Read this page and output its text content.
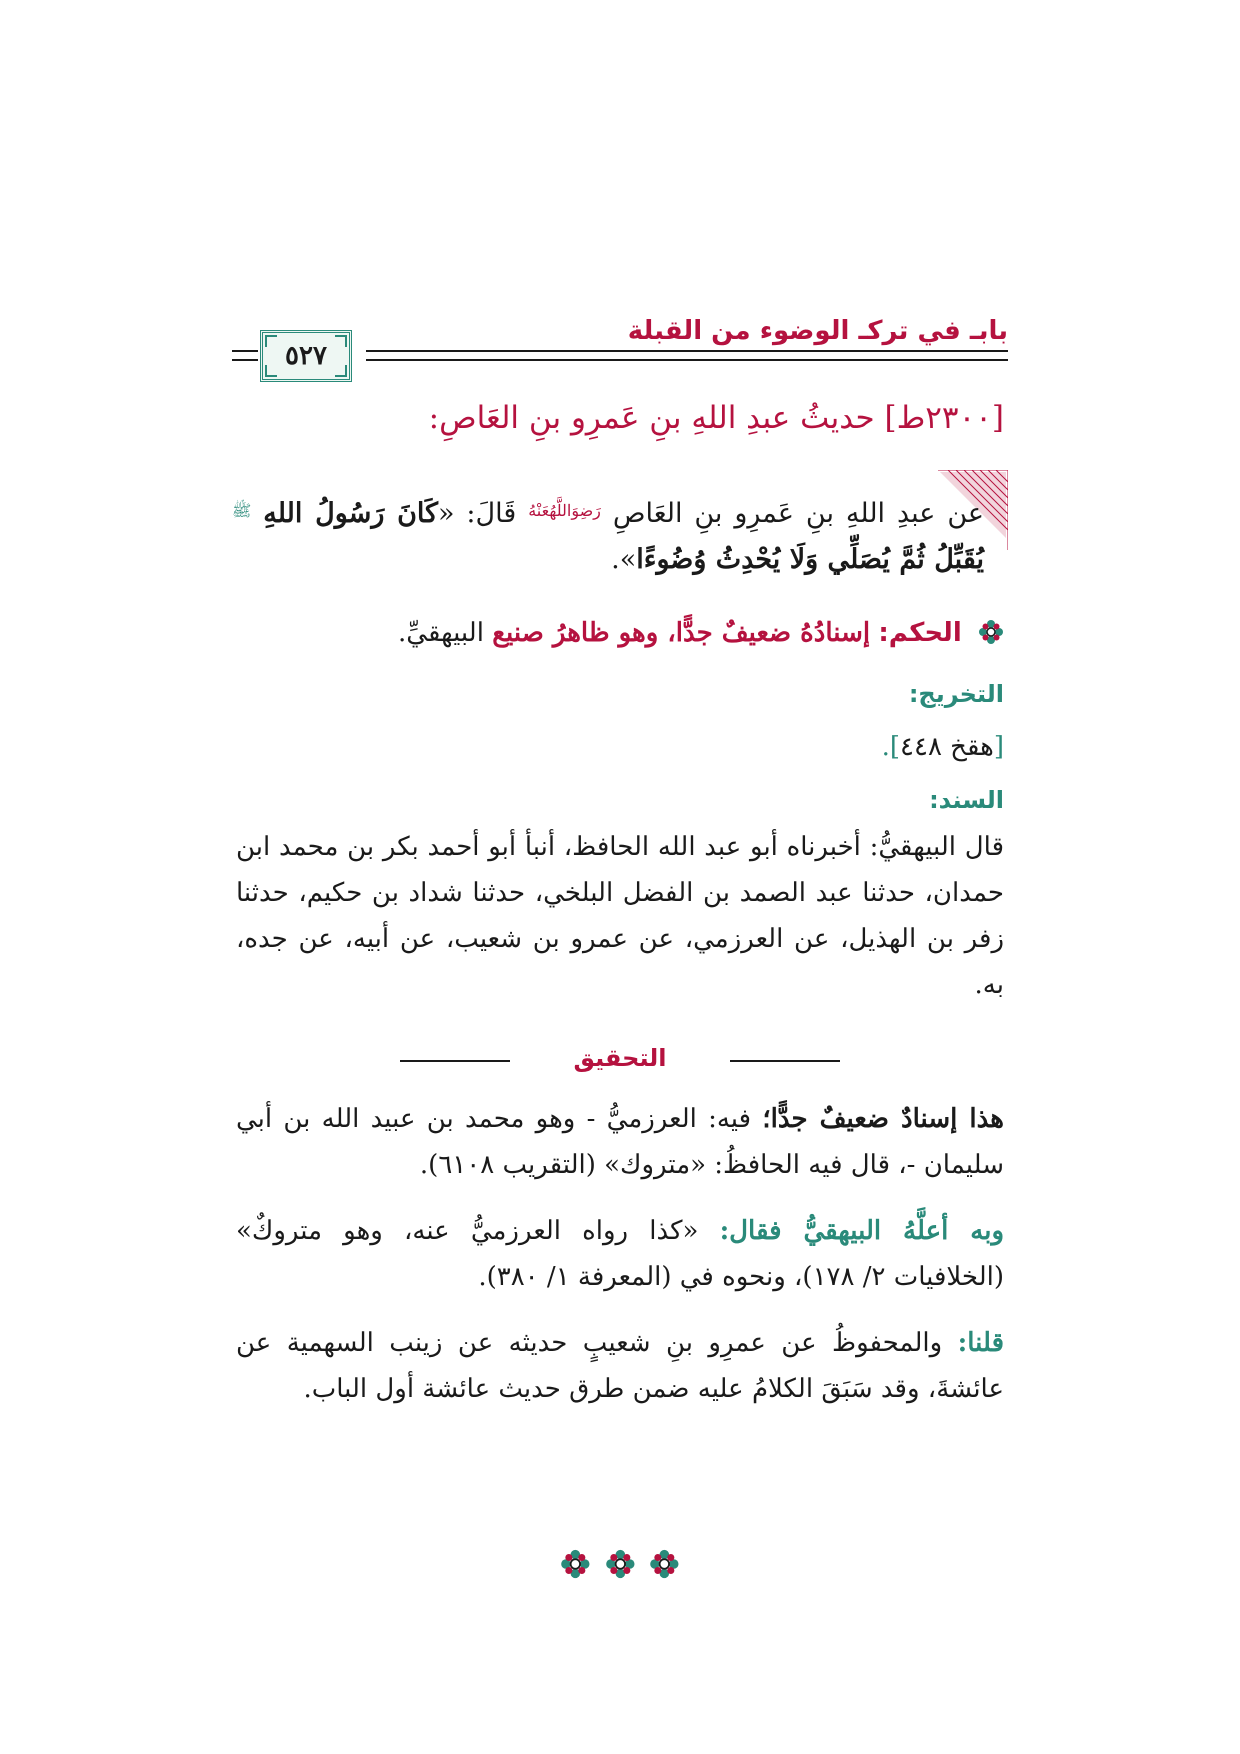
بابـ في تركـ الوضوء من القبلة
٥٢٧
[٢٣٠٠ط] حديثُ عبدِ اللهِ بنِ عَمرِو بنِ العَاصِ:
عن عبدِ اللهِ بنِ عَمرِو بنِ العَاصِ $^{رَضِوَاللَّهُعَنْهُ}$ قَالَ: «كَانَ رَسُولُ اللهِ $^ﷺ$ يُقَبِّلُ ثُمَّ يُصَلِّي وَلَا يُحْدِثُ وُضُوءًا».
الحكم: إسنادُهُ ضعيفٌ جدًّا، وهو ظاهرُ صنيع البيهقيِّ.
التخريج:
[هقخ ٤٤٨].
السند:
قال البيهقيُّ: أخبرناه أبو عبد الله الحافظ، أنبأ أبو أحمد بكر بن محمد ابن حمدان، حدثنا عبد الصمد بن الفضل البلخي، حدثنا شداد بن حكيم، حدثنا زفر بن الهذيل، عن العرزمي، عن عمرو بن شعيب، عن أبيه، عن جده، به.
التحقيق
هذا إسنادٌ ضعيفٌ جدًّا؛ فيه: العرزميُّ - وهو محمد بن عبيد الله بن أبي سليمان -، قال فيه الحافظُ: «متروك» (التقريب ٦١٠٨).
وبه أعلَّهُ البيهقيُّ فقال: «كذا رواه العرزميُّ عنه، وهو متروكٌ» (الخلافيات ٢/ ١٧٨)، ونحوه في (المعرفة ١/ ٣٨٠).
قلنا: والمحفوظُ عن عمرِو بنِ شعيبٍ حديثه عن زينب السهمية عن عائشةَ، وقد سَبَقَ الكلامُ عليه ضمن طرق حديث عائشة أول الباب.
